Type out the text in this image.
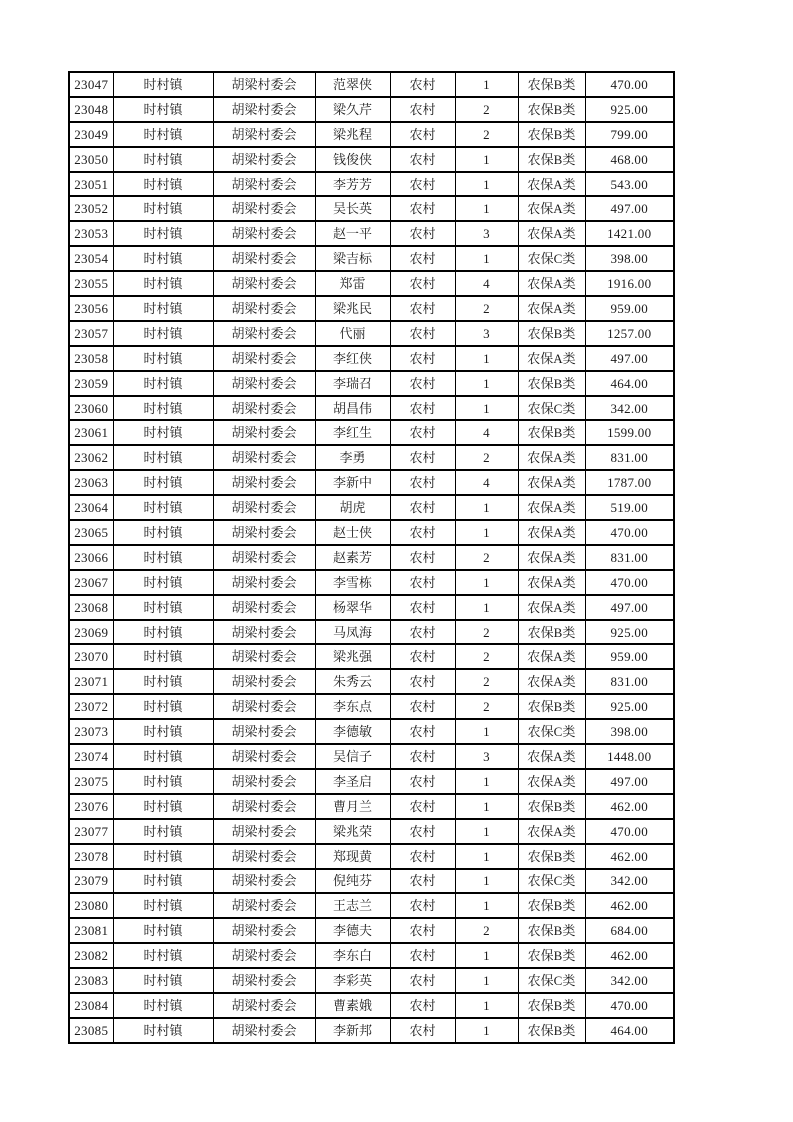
23047	时村镇	胡梁村委会	范翠侠	农村	1	农保B类	470.00
23048	时村镇	胡梁村委会	梁久芹	农村	2	农保B类	925.00
23049	时村镇	胡梁村委会	梁兆程	农村	2	农保B类	799.00
23050	时村镇	胡梁村委会	钱俊侠	农村	1	农保B类	468.00
23051	时村镇	胡梁村委会	李芳芳	农村	1	农保A类	543.00
23052	时村镇	胡梁村委会	吴长英	农村	1	农保A类	497.00
23053	时村镇	胡梁村委会	赵一平	农村	3	农保A类	1421.00
23054	时村镇	胡梁村委会	梁吉标	农村	1	农保C类	398.00
23055	时村镇	胡梁村委会	郑雷	农村	4	农保A类	1916.00
23056	时村镇	胡梁村委会	梁兆民	农村	2	农保A类	959.00
23057	时村镇	胡梁村委会	代丽	农村	3	农保B类	1257.00
23058	时村镇	胡梁村委会	李红侠	农村	1	农保A类	497.00
23059	时村镇	胡梁村委会	李瑞召	农村	1	农保B类	464.00
23060	时村镇	胡梁村委会	胡昌伟	农村	1	农保C类	342.00
23061	时村镇	胡梁村委会	李红生	农村	4	农保B类	1599.00
23062	时村镇	胡梁村委会	李勇	农村	2	农保A类	831.00
23063	时村镇	胡梁村委会	李新中	农村	4	农保A类	1787.00
23064	时村镇	胡梁村委会	胡虎	农村	1	农保A类	519.00
23065	时村镇	胡梁村委会	赵士侠	农村	1	农保A类	470.00
23066	时村镇	胡梁村委会	赵素芳	农村	2	农保A类	831.00
23067	时村镇	胡梁村委会	李雪栋	农村	1	农保A类	470.00
23068	时村镇	胡梁村委会	杨翠华	农村	1	农保A类	497.00
23069	时村镇	胡梁村委会	马凤海	农村	2	农保B类	925.00
23070	时村镇	胡梁村委会	梁兆强	农村	2	农保A类	959.00
23071	时村镇	胡梁村委会	朱秀云	农村	2	农保A类	831.00
23072	时村镇	胡梁村委会	李东点	农村	2	农保B类	925.00
23073	时村镇	胡梁村委会	李德敏	农村	1	农保C类	398.00
23074	时村镇	胡梁村委会	吴信子	农村	3	农保A类	1448.00
23075	时村镇	胡梁村委会	李圣启	农村	1	农保A类	497.00
23076	时村镇	胡梁村委会	曹月兰	农村	1	农保B类	462.00
23077	时村镇	胡梁村委会	梁兆荣	农村	1	农保A类	470.00
23078	时村镇	胡梁村委会	郑现黄	农村	1	农保B类	462.00
23079	时村镇	胡梁村委会	倪纯芬	农村	1	农保C类	342.00
23080	时村镇	胡梁村委会	王志兰	农村	1	农保B类	462.00
23081	时村镇	胡梁村委会	李德夫	农村	2	农保B类	684.00
23082	时村镇	胡梁村委会	李东白	农村	1	农保B类	462.00
23083	时村镇	胡梁村委会	李彩英	农村	1	农保C类	342.00
23084	时村镇	胡梁村委会	曹素娥	农村	1	农保B类	470.00
23085	时村镇	胡梁村委会	李新邦	农村	1	农保B类	464.00
